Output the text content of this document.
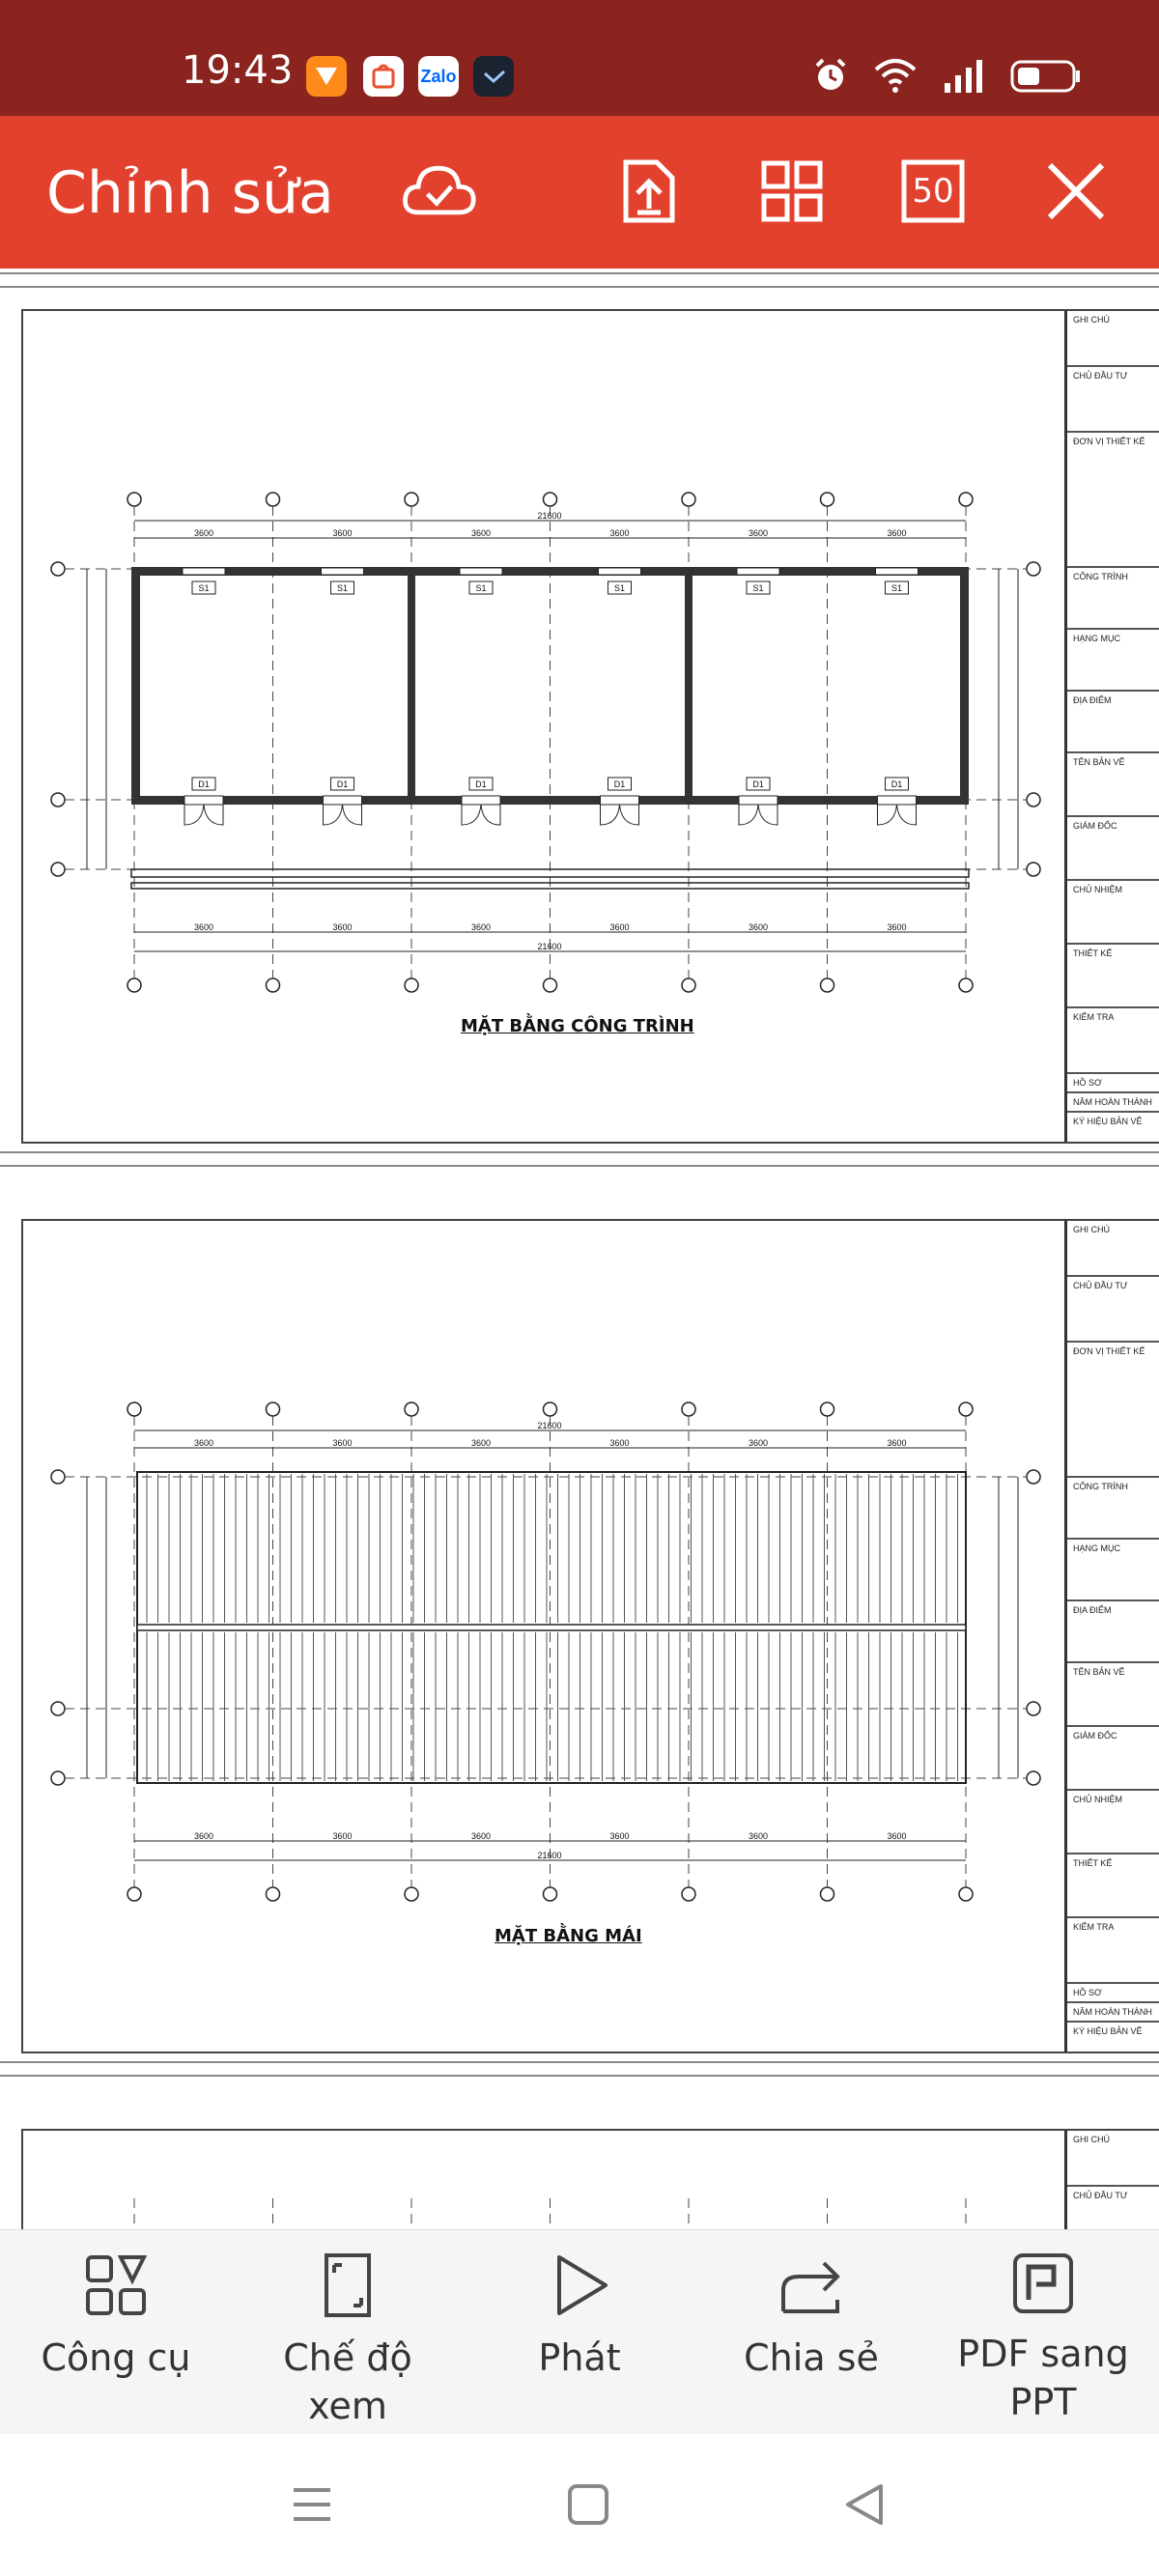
19:43	Zalo
Chỉnh sửa	50
21600
3600	3600	3600	3600	3600	3600
3600	3600	3600	3600	3600	3600
21600
S1
D1
S1
D1
S1
D1
S1
D1
S1
D1
S1
D1
MẶT BẰNG CÔNG TRÌNH
GHI CHÚ
CHỦ ĐẦU TƯ
ĐƠN VỊ THIẾT KẾ
CÔNG TRÌNH
HẠNG MỤC
ĐỊA ĐIỂM
TÊN BẢN VẼ
GIÁM ĐỐC
CHỦ NHIỆM
THIẾT KẾ
KIỂM TRA
HỒ SƠ
NĂM HOÀN THÀNH
KÝ HIỆU BẢN VẼ
21600
3600	3600	3600	3600	3600	3600
3600	3600	3600	3600	3600	3600
21600
MẶT BẰNG MÁI
GHI CHÚ
CHỦ ĐẦU TƯ
ĐƠN VỊ THIẾT KẾ
CÔNG TRÌNH
HẠNG MỤC
ĐỊA ĐIỂM
TÊN BẢN VẼ
GIÁM ĐỐC
CHỦ NHIỆM
THIẾT KẾ
KIỂM TRA
HỒ SƠ
NĂM HOÀN THÀNH
KÝ HIỆU BẢN VẼ
GHI CHÚ
CHỦ ĐẦU TƯ
Công cụ	Chế độ xem

Phát	Chia sẻ	PDF sang
PPT
